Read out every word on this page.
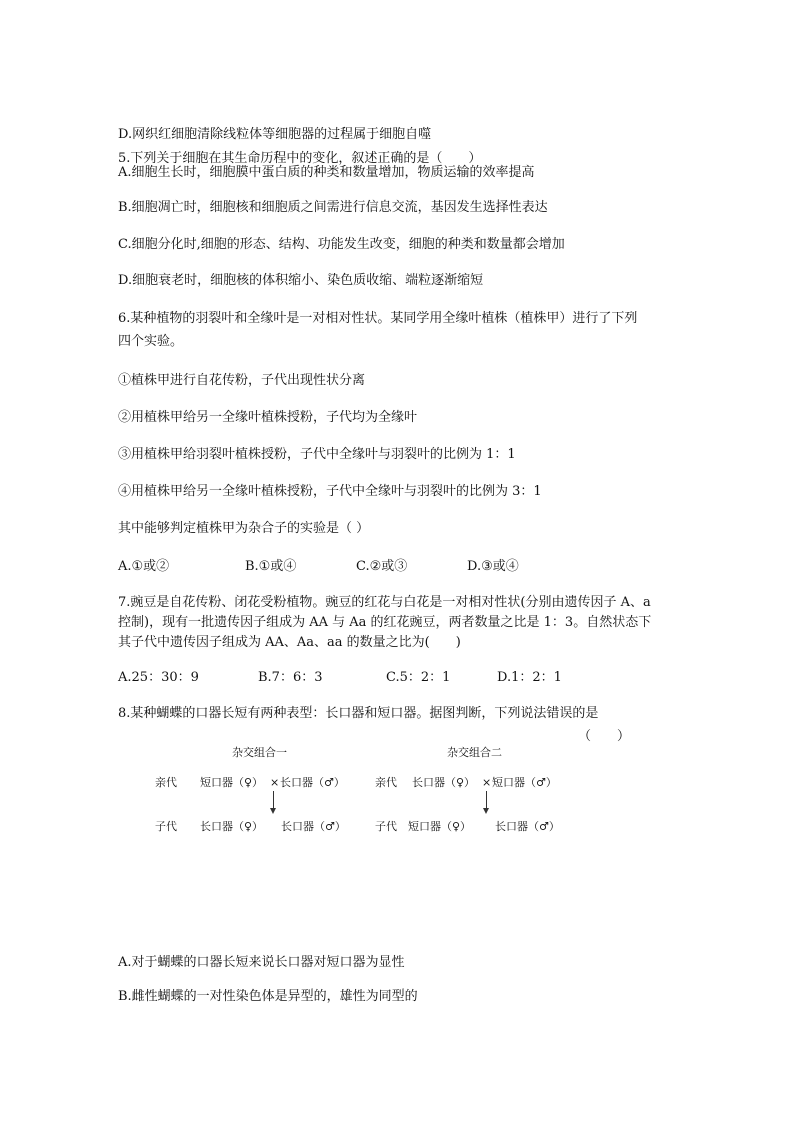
D.网织红细胞清除线粒体等细胞器的过程属于细胞自噬
5.下列关于细胞在其生命历程中的变化，叙述正确的是（　　）
A.细胞生长时，细胞膜中蛋白质的种类和数量增加，物质运输的效率提高
B.细胞凋亡时，细胞核和细胞质之间需进行信息交流，基因发生选择性表达
C.细胞分化时,细胞的形态、结构、功能发生改变，细胞的种类和数量都会增加
D.细胞衰老时，细胞核的体积缩小、染色质收缩、端粒逐渐缩短
6.某种植物的羽裂叶和全缘叶是一对相对性状。某同学用全缘叶植株（植株甲）进行了下列
四个实验。
①植株甲进行自花传粉，子代出现性状分离
②用植株甲给另一全缘叶植株授粉，子代均为全缘叶
③用植株甲给羽裂叶植株授粉，子代中全缘叶与羽裂叶的比例为 1：1
④用植株甲给另一全缘叶植株授粉，子代中全缘叶与羽裂叶的比例为 3：1
其中能够判定植株甲为杂合子的实验是（ ）
A.①或②	B.①或④	C.②或③	D.③或④
7.豌豆是自花传粉、闭花受粉植物。豌豆的红花与白花是一对相对性状(分别由遗传因子 A、a
控制)，现有一批遗传因子组成为 AA 与 Aa 的红花豌豆，两者数量之比是 1：3。自然状态下
其子代中遗传因子组成为 AA、Aa、aa 的数量之比为(　　)
A.25：30：9	B.7：6：3	C.5：2：1	D.1：2：1
8.某种蝴蝶的口器长短有两种表型：长口器和短口器。据图判断，下列说法错误的是
（　　）
杂交组合一
亲代 短口器（♀） × 长口器（♂）
子代 长口器（♀） 长口器（♂）
杂交组合二
亲代 长口器（♀） × 短口器（♂）
子代 短口器（♀） 长口器（♂）
A.对于蝴蝶的口器长短来说长口器对短口器为显性
B.雌性蝴蝶的一对性染色体是异型的，雄性为同型的
